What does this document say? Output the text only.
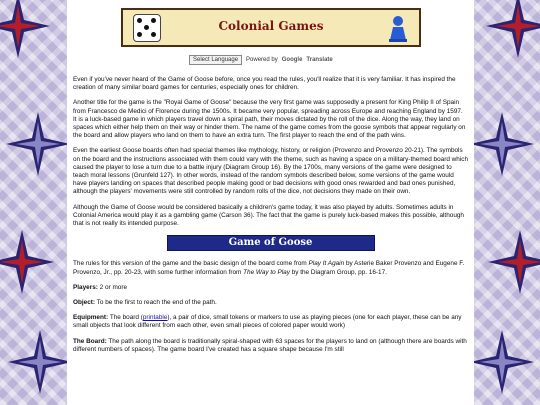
Colonial Games
Select Language	Powered by Google Translate

Even if you've never heard of the Game of Goose before, once you read the rules, you'll realize that it is very familiar. It has inspired the creation of many similar board games for centuries, especially ones for children.

Another title for the game is the "Royal Game of Goose" because the very first game was supposedly a present for King Philip II of Spain from Francesco de Medici of Florence during the 1500s. It became very popular, spreading across Europe and reaching England by 1597. It is a luck-based game in which players travel down a spiral path, their moves dictated by the roll of the dice. Along the way, they land on spaces which either help them on their way or hinder them. The name of the game comes from the goose symbols that appear regularly on the board and allow players who land on them to have an extra turn. The first player to reach the end of the path wins.

Even the earliest Goose boards often had special themes like mythology, history, or religion (Provenzo and Provenzo 20-21). The symbols on the board and the instructions associated with them could vary with the theme, such as having a space on a military-themed board which caused the player to lose a turn due to a battle injury (Diagram Group 16). By the 1700s, many versions of the game were designed to teach moral lessons (Grunfeld 127). In other words, instead of the random symbols described below, some versions of the game would have players landing on spaces that described people making good or bad decisions with good ones rewarded and bad ones punished, although the players' movements were still controlled by random rolls of the dice, not decisions they made on their own.

Although the Game of Goose would be considered basically a children's game today, it was also played by adults. Sometimes adults in Colonial America would play it as a gambling game (Carson 36). The fact that the game is purely luck-based makes this possible, although that is not really its intended purpose.

Game of Goose

The rules for this version of the game and the basic design of the board come from Play It Again by Asterie Baker Provenzo and Eugene F. Provenzo, Jr., pp. 20-23, with some further information from The Way to Play by the Diagram Group, pp. 16-17.

Players: 2 or more

Object: To be the first to reach the end of the path.

Equipment: The board (printable), a pair of dice, small tokens or markers to use as playing pieces (one for each player, these can be any small objects that look different from each other, even small pieces of colored paper would work)

The Board: The path along the board is traditionally spiral-shaped with 63 spaces for the players to land on (although there are boards with different numbers of spaces). The game board I've created has a square shape because I'm still
